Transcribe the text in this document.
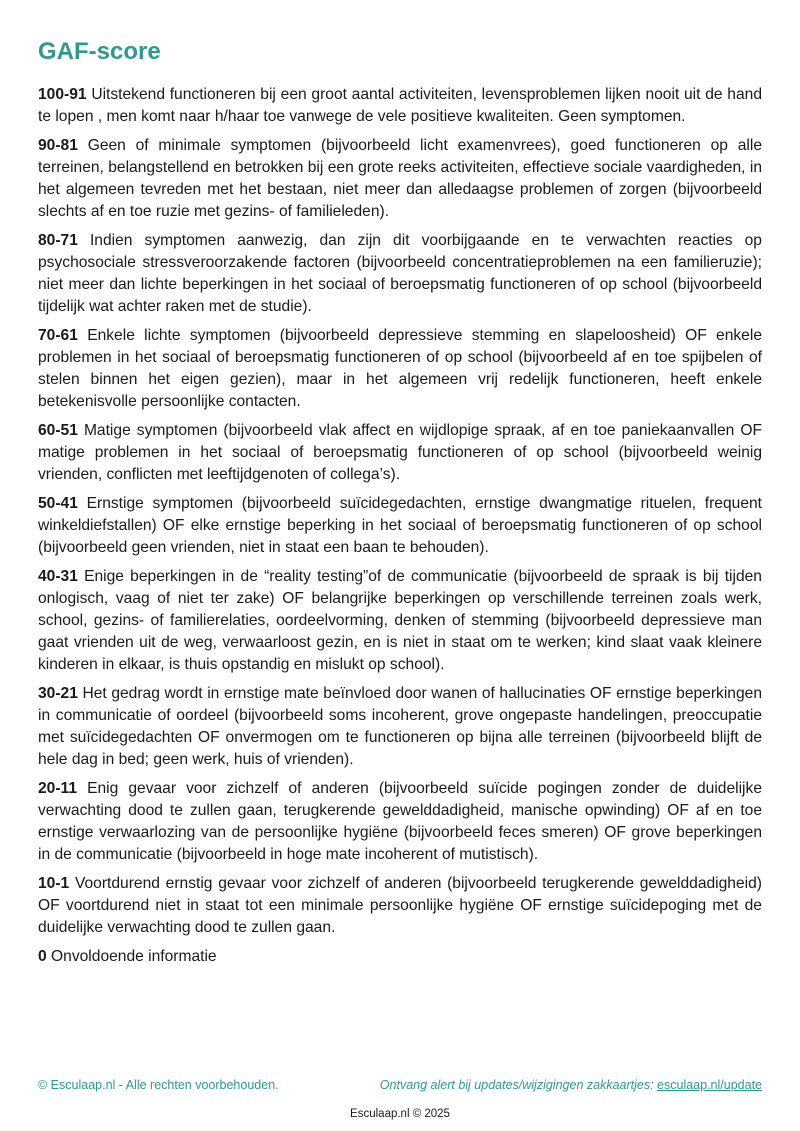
GAF-score

100-91 Uitstekend functioneren bij een groot aantal activiteiten, levensproblemen lijken nooit uit de hand te lopen , men komt naar h/haar toe vanwege de vele positieve kwaliteiten. Geen symptomen.

90-81 Geen of minimale symptomen (bijvoorbeeld licht examenvrees), goed functioneren op alle terreinen, belangstellend en betrokken bij een grote reeks activiteiten, effectieve sociale vaardigheden, in het algemeen tevreden met het bestaan, niet meer dan alledaagse problemen of zorgen (bijvoorbeeld slechts af en toe ruzie met gezins- of familieleden).

80-71 Indien symptomen aanwezig, dan zijn dit voorbijgaande en te verwachten reacties op psychosociale stressveroorzakende factoren (bijvoorbeeld concentratieproblemen na een familieruzie); niet meer dan lichte beperkingen in het sociaal of beroepsmatig functioneren of op school (bijvoorbeeld tijdelijk wat achter raken met de studie).

70-61 Enkele lichte symptomen (bijvoorbeeld depressieve stemming en slapeloosheid) OF enkele problemen in het sociaal of beroepsmatig functioneren of op school (bijvoorbeeld af en toe spijbelen of stelen binnen het eigen gezien), maar in het algemeen vrij redelijk functioneren, heeft enkele betekenisvolle persoonlijke contacten.

60-51 Matige symptomen (bijvoorbeeld vlak affect en wijdlopige spraak, af en toe paniekaanvallen OF matige problemen in het sociaal of beroepsmatig functioneren of op school (bijvoorbeeld weinig vrienden, conflicten met leeftijdgenoten of collega’s).

50-41 Ernstige symptomen (bijvoorbeeld suïcidegedachten, ernstige dwangmatige rituelen, frequent winkeldiefstallen) OF elke ernstige beperking in het sociaal of beroepsmatig functioneren of op school (bijvoorbeeld geen vrienden, niet in staat een baan te behouden).

40-31 Enige beperkingen in de “reality testing”of de communicatie (bijvoorbeeld de spraak is bij tijden onlogisch, vaag of niet ter zake) OF belangrijke beperkingen op verschillende terreinen zoals werk, school, gezins- of familierelaties, oordeelvorming, denken of stemming (bijvoorbeeld depressieve man gaat vrienden uit de weg, verwaarloost gezin, en is niet in staat om te werken; kind slaat vaak kleinere kinderen in elkaar, is thuis opstandig en mislukt op school).

30-21 Het gedrag wordt in ernstige mate beïnvloed door wanen of hallucinaties OF ernstige beperkingen in communicatie of oordeel (bijvoorbeeld soms incoherent, grove ongepaste handelingen, preoccupatie met suïcidegedachten OF onvermogen om te functioneren op bijna alle terreinen (bijvoorbeeld blijft de hele dag in bed; geen werk, huis of vrienden).

20-11 Enig gevaar voor zichzelf of anderen (bijvoorbeeld suïcide pogingen zonder de duidelijke verwachting dood te zullen gaan, terugkerende gewelddadigheid, manische opwinding) OF af en toe ernstige verwaarlozing van de persoonlijke hygiëne (bijvoorbeeld feces smeren) OF grove beperkingen in de communicatie (bijvoorbeeld in hoge mate incoherent of mutistisch).

10-1 Voortdurend ernstig gevaar voor zichzelf of anderen (bijvoorbeeld terugkerende gewelddadigheid) OF voortdurend niet in staat tot een minimale persoonlijke hygiëne OF ernstige suïcidepoging met de duidelijke verwachting dood te zullen gaan.

0 Onvoldoende informatie

© Esculaap.nl - Alle rechten voorbehouden.	Ontvang alert bij updates/wijzigingen zakkaartjes: esculaap.nl/update
Esculaap.nl © 2025
